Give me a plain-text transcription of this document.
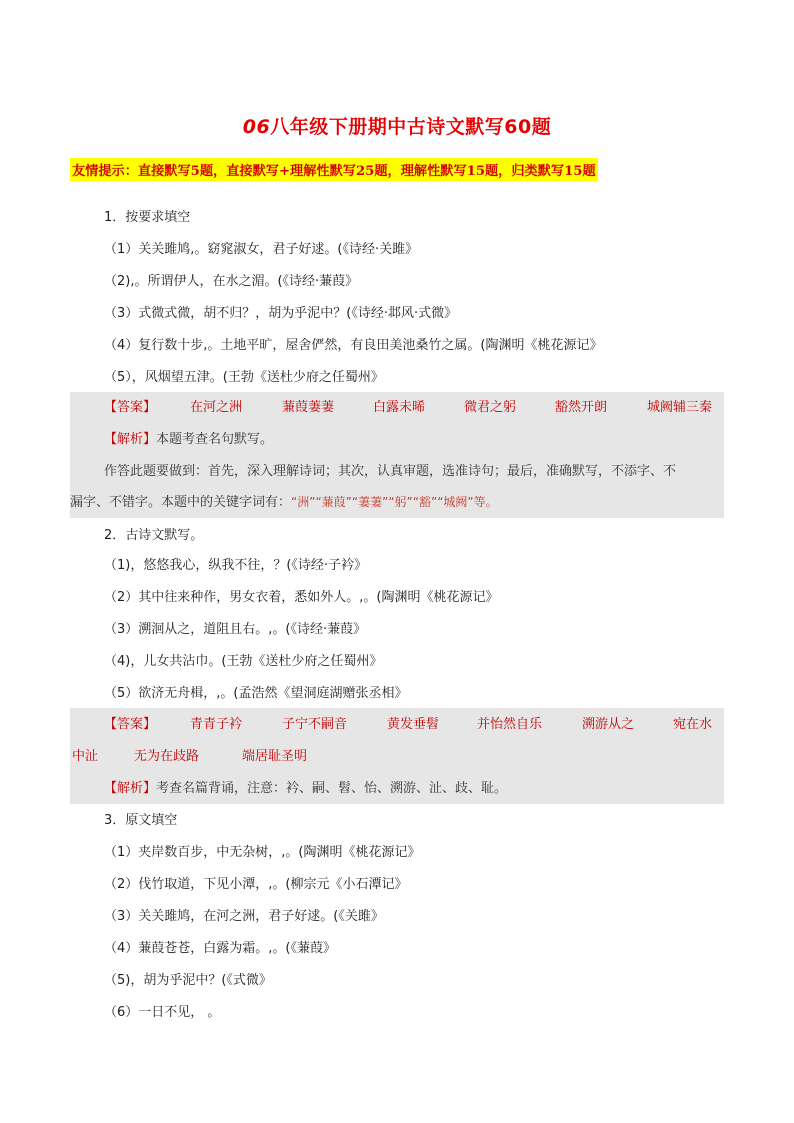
06八年级下册期中古诗文默写60题
友情提示：直接默写5题，直接默写+理解性默写25题，理解性默写15题，归类默写15题
1．按要求填空
（1）关关雎鸠,。窈窕淑女，君子好逑。(《诗经·关雎》
（2),。所谓伊人，在水之湄。(《诗经·蒹葭》
（3）式微式微，胡不归？，胡为乎泥中？(《诗经·邶风·式微》
（4）复行数十步,。土地平旷，屋舍俨然，有良田美池桑竹之属。(陶渊明《桃花源记》
（5），风烟望五津。(王勃《送杜少府之任蜀州》
【答案】	在河之洲	蒹葭萋萋	白露未晞	微君之躬	豁然开朗	城阙辅三秦
【解析】本题考查名句默写。
作答此题要做到：首先，深入理解诗词；其次，认真审题，选准诗句；最后，准确默写，不添字、不
漏字、不错字。本题中的关键字词有：“洲”“蒹葭”“萋萋”“躬”“豁”“城阙”等。
2．古诗文默写。
（1)，悠悠我心，纵我不往，？(《诗经·子衿》
（2）其中往来种作，男女衣着，悉如外人。,。(陶渊明《桃花源记》
（3）溯洄从之，道阻且右。,。(《诗经·蒹葭》
（4)，儿女共沾巾。(王勃《送杜少府之任蜀州》
（5）欲济无舟楫，,。(孟浩然《望洞庭湖赠张丞相》
【答案】	青青子衿	子宁不嗣音	黄发垂髫	并怡然自乐	溯游从之	宛在水
中沚	无为在歧路	端居耻圣明
【解析】考查名篇背诵，注意：衿、嗣、髫、怡、溯游、沚、歧、耻。
3．原文填空
（1）夹岸数百步，中无杂树，,。(陶渊明《桃花源记》
（2）伐竹取道，下见小潭，,。(柳宗元《小石潭记》
（3）关关雎鸠，在河之洲，君子好逑。(《关雎》
（4）蒹葭苍苍，白露为霜。,。(《蒹葭》
（5)，胡为乎泥中？(《式微》
（6）一日不见， 。
